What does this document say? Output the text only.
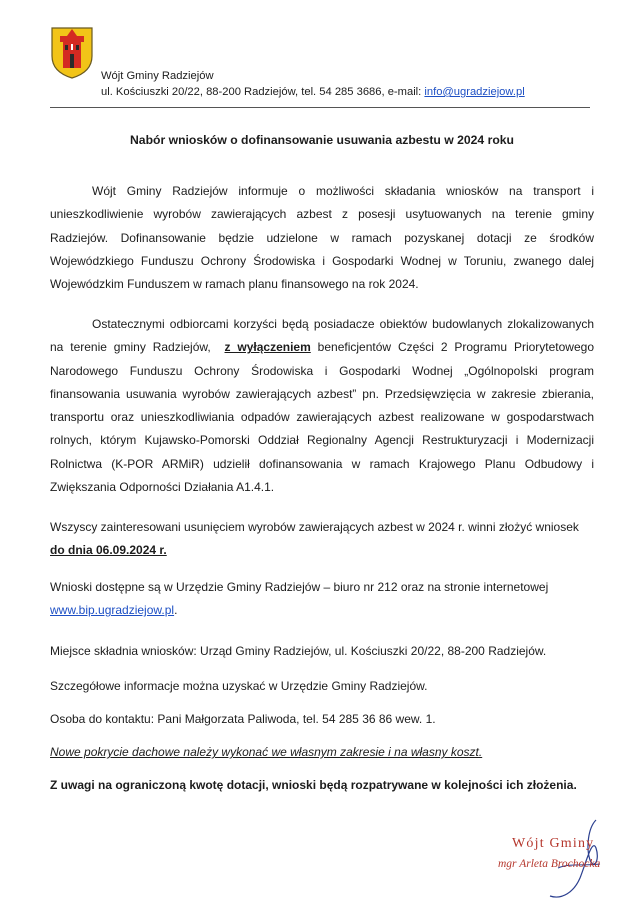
Wójt Gminy Radziejów
ul. Kościuszki 20/22, 88-200 Radziejów, tel. 54 285 3686, e-mail: info@ugradziejow.pl
Nabór wniosków o dofinansowanie usuwania azbestu w 2024 roku

Wójt Gminy Radziejów informuje o możliwości składania wniosków na transport i unieszkodliwienie wyrobów zawierających azbest z posesji usytuowanych na terenie gminy Radziejów. Dofinansowanie będzie udzielone w ramach pozyskanej dotacji ze środków Wojewódzkiego Funduszu Ochrony Środowiska i Gospodarki Wodnej w Toruniu, zwanego dalej Wojewódzkim Funduszem w ramach planu finansowego na rok 2024.

Ostatecznymi odbiorcami korzyści będą posiadacze obiektów budowlanych zlokalizowanych na terenie gminy Radziejów, z wyłączeniem beneficjentów Części 2 Programu Priorytetowego Narodowego Funduszu Ochrony Środowiska i Gospodarki Wodnej „Ogólnopolski program finansowania usuwania wyrobów zawierających azbest” pn. Przedsięwzięcia w zakresie zbierania, transportu oraz unieszkodliwiania odpadów zawierających azbest realizowane w gospodarstwach rolnych, którym Kujawsko-Pomorski Oddział Regionalny Agencji Restrukturyzacji i Modernizacji Rolnictwa (K-POR ARMiR) udzielił dofinansowania w ramach Krajowego Planu Odbudowy i Zwiększania Odporności Działania A1.4.1.

Wszyscy zainteresowani usunięciem wyrobów zawierających azbest w 2024 r. winni złożyć wniosek
do dnia 06.09.2024 r.

Wnioski dostępne są w Urzędzie Gminy Radziejów – biuro nr 212 oraz na stronie internetowej
www.bip.ugradziejow.pl.

Miejsce składnia wniosków: Urząd Gminy Radziejów, ul. Kościuszki 20/22, 88-200 Radziejów.

Szczegółowe informacje można uzyskać w Urzędzie Gminy Radziejów.

Osoba do kontaktu: Pani Małgorzata Paliwoda, tel. 54 285 36 86 wew. 1.

Nowe pokrycie dachowe należy wykonać we własnym zakresie i na własny koszt.

Z uwagi na ograniczoną kwotę dotacji, wnioski będą rozpatrywane w kolejności ich złożenia.

Wójt Gminy
mgr Arleta Brochocka
